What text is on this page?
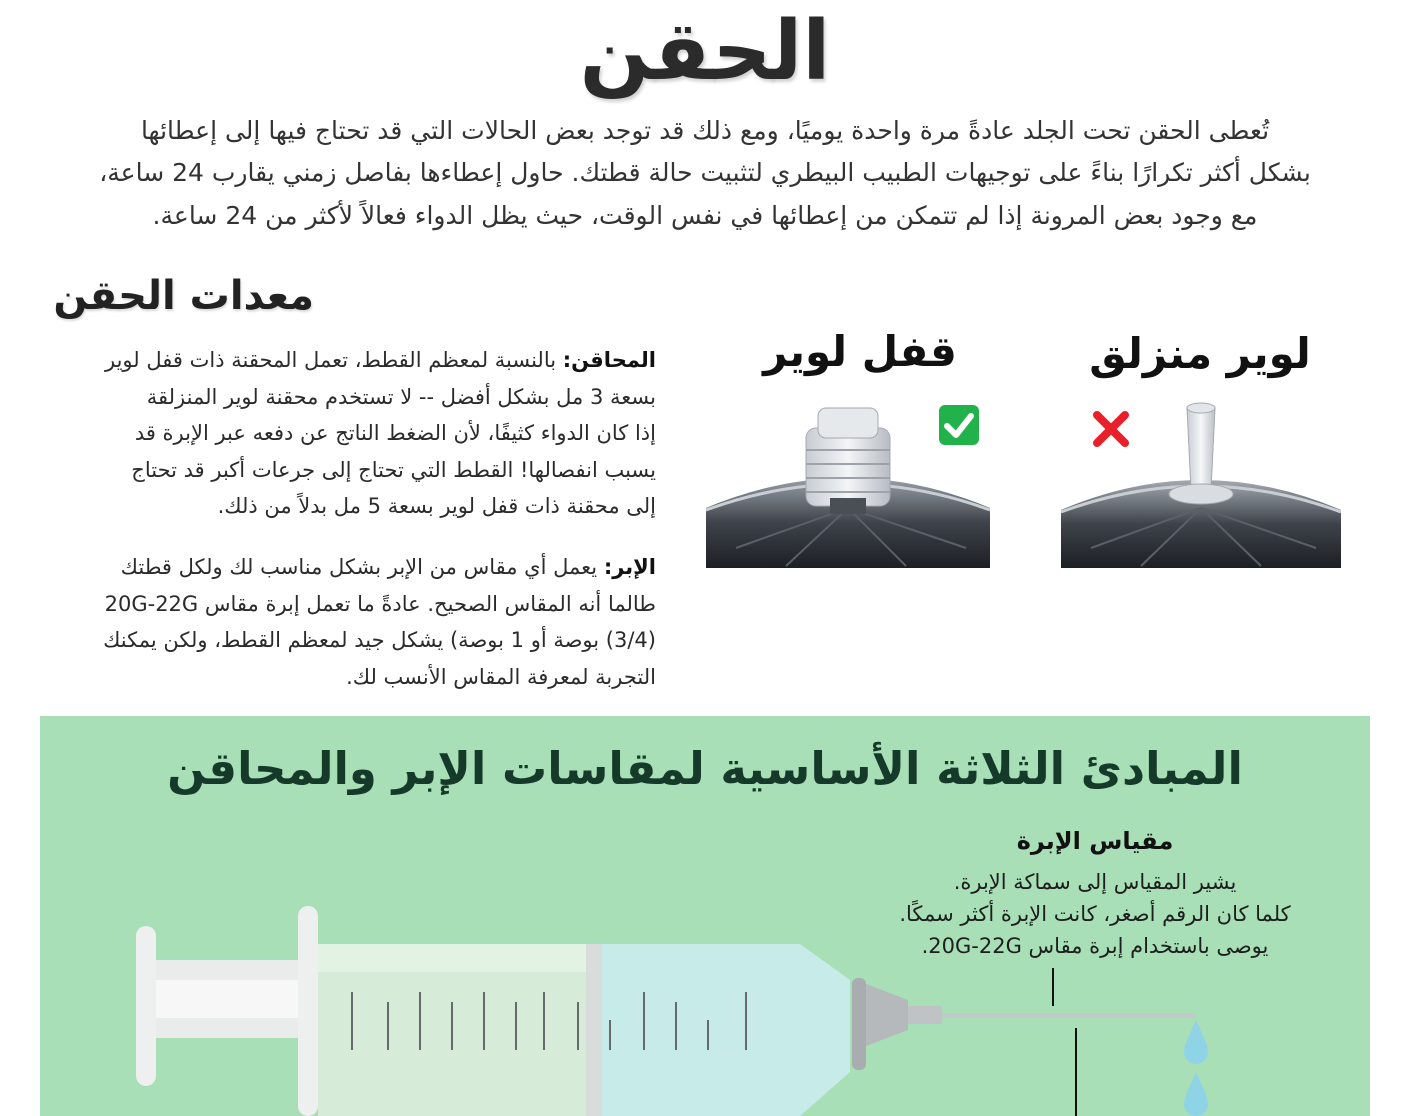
الحقن
تُعطى الحقن تحت الجلد عادةً مرة واحدة يوميًا، ومع ذلك قد توجد بعض الحالات التي قد تحتاج فيها إلى إعطائها
بشكل أكثر تكرارًا بناءً على توجيهات الطبيب البيطري لتثبيت حالة قطتك. حاول إعطاءها بفاصل زمني يقارب 24 ساعة،
مع وجود بعض المرونة إذا لم تتمكن من إعطائها في نفس الوقت، حيث يظل الدواء فعالاً لأكثر من 24 ساعة.
معدات الحقن
المحاقن: بالنسبة لمعظم القطط، تعمل المحقنة ذات قفل لوير
بسعة 3 مل بشكل أفضل -- لا تستخدم محقنة لوير المنزلقة
إذا كان الدواء كثيفًا، لأن الضغط الناتج عن دفعه عبر الإبرة قد
يسبب انفصالها! القطط التي تحتاج إلى جرعات أكبر قد تحتاج
إلى محقنة ذات قفل لوير بسعة 5 مل بدلاً من ذلك.
الإبر: يعمل أي مقاس من الإبر بشكل مناسب لك ولكل قطتك
طالما أنه المقاس الصحيح. عادةً ما تعمل إبرة مقاس 20G-22G
(3/4) بوصة أو 1 بوصة) يشكل جيد لمعظم القطط، ولكن يمكنك
التجربة لمعرفة المقاس الأنسب لك.
قفل لوير	لوير منزلق
المبادئ الثلاثة الأساسية لمقاسات الإبر والمحاقن
مقياس الإبرة
يشير المقياس إلى سماكة الإبرة.
كلما كان الرقم أصغر، كانت الإبرة أكثر سمكًا.
يوصى باستخدام إبرة مقاس 20G-22G.
